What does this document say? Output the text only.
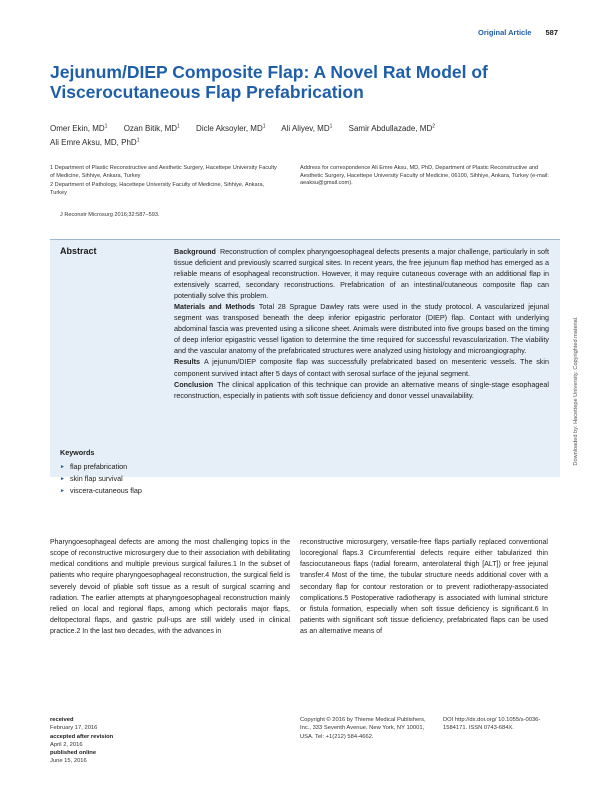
Original Article 587
Jejunum/DIEP Composite Flap: A Novel Rat Model of Viscerocutaneous Flap Prefabrication
Omer Ekin, $MD^1$ Ozan Bitik, $MD^1$ Dicle Aksoyler, $MD^1$ Ali Aliyev, $MD^1$ Samir Abdullazade, $MD^2$
Ali Emre Aksu, MD, PhD$^1$
1 Department of Plastic Reconstructive and Aesthetic Surgery, Hacettepe University Faculty of Medicine, Sihhiye, Ankara, Turkey
2 Department of Pathology, Hacettepe University Faculty of Medicine, Sihhiye, Ankara, Turkey
Address for correspondence Ali Emre Aksu, MD, PhD, Department of Plastic Reconstructive and Aesthetic Surgery, Hacettepe University Faculty of Medicine, 06100, Sihhiye, Ankara, Turkey (e-mail: aeaksu@gmail.com).
J Reconstr Microsurg 2016;32:587–593.
Abstract	Background Reconstruction of complex pharyngoesophageal defects presents a major challenge, particularly in soft tissue deficient and previously scarred surgical sites. In recent years, the free jejunum flap method has emerged as a reliable means of esophageal reconstruction. However, it may require cutaneous coverage with an additional flap in extensively scarred, secondary reconstructions. Prefabrication of an intestinal/cutaneous composite flap can potentially solve this problem.
Materials and Methods Total 28 Sprague Dawley rats were used in the study protocol. A vascularized jejunal segment was transposed beneath the deep inferior epigastric perforator (DIEP) flap. Contact with underlying abdominal fascia was prevented using a silicone sheet. Animals were distributed into five groups based on the timing of deep inferior epigastric vessel ligation to determine the time required for successful revascularization. The viability and the vascular anatomy of the prefabricated structures were analyzed using histology and microangiography.
Results A jejunum/DIEP composite flap was successfully prefabricated based on mesenteric vessels. The skin component survived intact after 5 days of contact with serosal surface of the jejunal segment.
Conclusion The clinical application of this technique can provide an alternative means of single-stage esophageal reconstruction, especially in patients with soft tissue deficiency and donor vessel unavailability.
Keywords
► flap prefabrication
► skin flap survival
► viscera-cutaneous flap
Pharyngoesophageal defects are among the most challenging topics in the scope of reconstructive microsurgery due to their association with debilitating medical conditions and multiple previous surgical failures.1 In the subset of patients who require pharyngoesophageal reconstruction, the surgical field is severely devoid of pliable soft tissue as a result of surgical scarring and radiation. The earlier attempts at pharyngoesophageal reconstruction mainly relied on local and regional flaps, among which pectoralis major flaps, deltopectoral flaps, and gastric pull-ups are still widely used in clinical practice.2 In the last two decades, with the advances in
reconstructive microsurgery, versatile-free flaps partially replaced conventional locoregional flaps.3 Circumferential defects require either tabularized thin fasciocutaneous flaps (radial forearm, anterolateral thigh [ALT]) or free jejunal transfer.4 Most of the time, the tubular structure needs additional cover with a secondary flap for contour restoration or to prevent radiotherapy-associated complications.5 Postoperative radiotherapy is associated with luminal stricture or fistula formation, especially when soft tissue deficiency is significant.6 In patients with significant soft tissue deficiency, prefabricated flaps can be used as an alternative means of
received
February 17, 2016
accepted after revision
April 2, 2016
published online
June 15, 2016
Copyright © 2016 by Thieme Medical Publishers, Inc., 333 Seventh Avenue, New York, NY 10001, USA. Tel: +1(212) 584-4662.
DOI http://dx.doi.org/ 10.1055/s-0036-1584171. ISSN 0743-684X.
Downloaded by: Hacettepe University. Copyrighted material.
